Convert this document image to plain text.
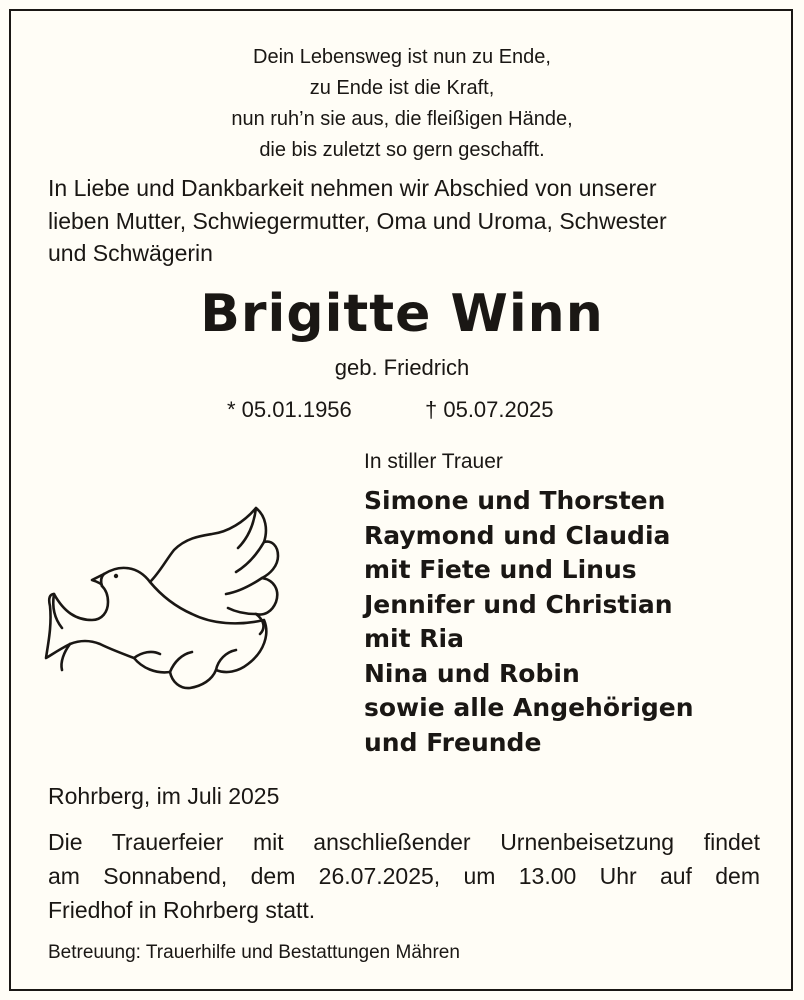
Dein Lebensweg ist nun zu Ende,
zu Ende ist die Kraft,
nun ruh’n sie aus, die fleißigen Hände,
die bis zuletzt so gern geschafft.
In Liebe und Dankbarkeit nehmen wir Abschied von unserer
lieben Mutter, Schwiegermutter, Oma und Uroma, Schwester
und Schwägerin
Brigitte Winn
geb. Friedrich
* 05.01.1956	† 05.07.2025
In stiller Trauer
Simone und Thorsten
Raymond und Claudia
mit Fiete und Linus
Jennifer und Christian
mit Ria
Nina und Robin
sowie alle Angehörigen
und Freunde
Rohrberg, im Juli 2025
Die Trauerfeier mit anschließender Urnenbeisetzung findet
am Sonnabend, dem 26.07.2025, um 13.00 Uhr auf dem
Friedhof in Rohrberg statt.
Betreuung: Trauerhilfe und Bestattungen Mähren
